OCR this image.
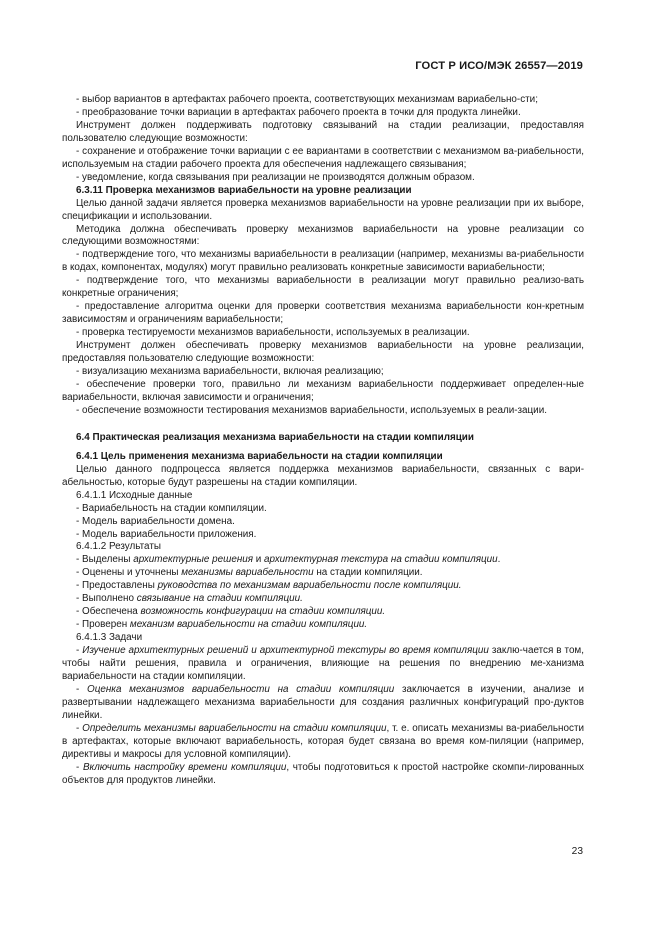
ГОСТ Р ИСО/МЭК 26557—2019

- выбор вариантов в артефактах рабочего проекта, соответствующих механизмам вариабельно-сти;

- преобразование точки вариации в артефактах рабочего проекта в точки для продукта линейки.

Инструмент должен поддерживать подготовку связываний на стадии реализации, предоставляя пользователю следующие возможности:

- сохранение и отображение точки вариации с ее вариантами в соответствии с механизмом ва-риабельности, используемым на стадии рабочего проекта для обеспечения надлежащего связывания;

- уведомление, когда связывания при реализации не производятся должным образом.

6.3.11 Проверка механизмов вариабельности на уровне реализации

Целью данной задачи является проверка механизмов вариабельности на уровне реализации при их выборе, спецификации и использовании.

Методика должна обеспечивать проверку механизмов вариабельности на уровне реализации со следующими возможностями:

- подтверждение того, что механизмы вариабельности в реализации (например, механизмы ва-риабельности в кодах, компонентах, модулях) могут правильно реализовать конкретные зависимости вариабельности;

- подтверждение того, что механизмы вариабельности в реализации могут правильно реализо-вать конкретные ограничения;

- предоставление алгоритма оценки для проверки соответствия механизма вариабельности кон-кретным зависимостям и ограничениям вариабельности;

- проверка тестируемости механизмов вариабельности, используемых в реализации.

Инструмент должен обеспечивать проверку механизмов вариабельности на уровне реализации, предоставляя пользователю следующие возможности:

- визуализацию механизма вариабельности, включая реализацию;

- обеспечение проверки того, правильно ли механизм вариабельности поддерживает определен-ные вариабельности, включая зависимости и ограничения;

- обеспечение возможности тестирования механизмов вариабельности, используемых в реали-зации.

6.4 Практическая реализация механизма вариабельности на стадии компиляции

6.4.1 Цель применения механизма вариабельности на стадии компиляции

Целью данного подпроцесса является поддержка механизмов вариабельности, связанных с вари-абельностью, которые будут разрешены на стадии компиляции.

6.4.1.1 Исходные данные

- Вариабельность на стадии компиляции.

- Модель вариабельности домена.

- Модель вариабельности приложения.

6.4.1.2 Результаты

- Выделены архитектурные решения и архитектурная текстура на стадии компиляции.

- Оценены и уточнены механизмы вариабельности на стадии компиляции.

- Предоставлены руководства по механизмам вариабельности после компиляции.

- Выполнено связывание на стадии компиляции.

- Обеспечена возможность конфигурации на стадии компиляции.

- Проверен механизм вариабельности на стадии компиляции.

6.4.1.3 Задачи

- Изучение архитектурных решений и архитектурной текстуры во время компиляции заклю-чается в том, чтобы найти решения, правила и ограничения, влияющие на решения по внедрению ме-ханизма вариабельности на стадии компиляции.

- Оценка механизмов вариабельности на стадии компиляции заключается в изучении, анализе и развертывании надлежащего механизма вариабельности для создания различных конфигураций про-дуктов линейки.

- Определить механизмы вариабельности на стадии компиляции, т. е. описать механизмы ва-риабельности в артефактах, которые включают вариабельность, которая будет связана во время ком-пиляции (например, директивы и макросы для условной компиляции).

- Включить настройку времени компиляции, чтобы подготовиться к простой настройке скомпи-лированных объектов для продуктов линейки.

23
